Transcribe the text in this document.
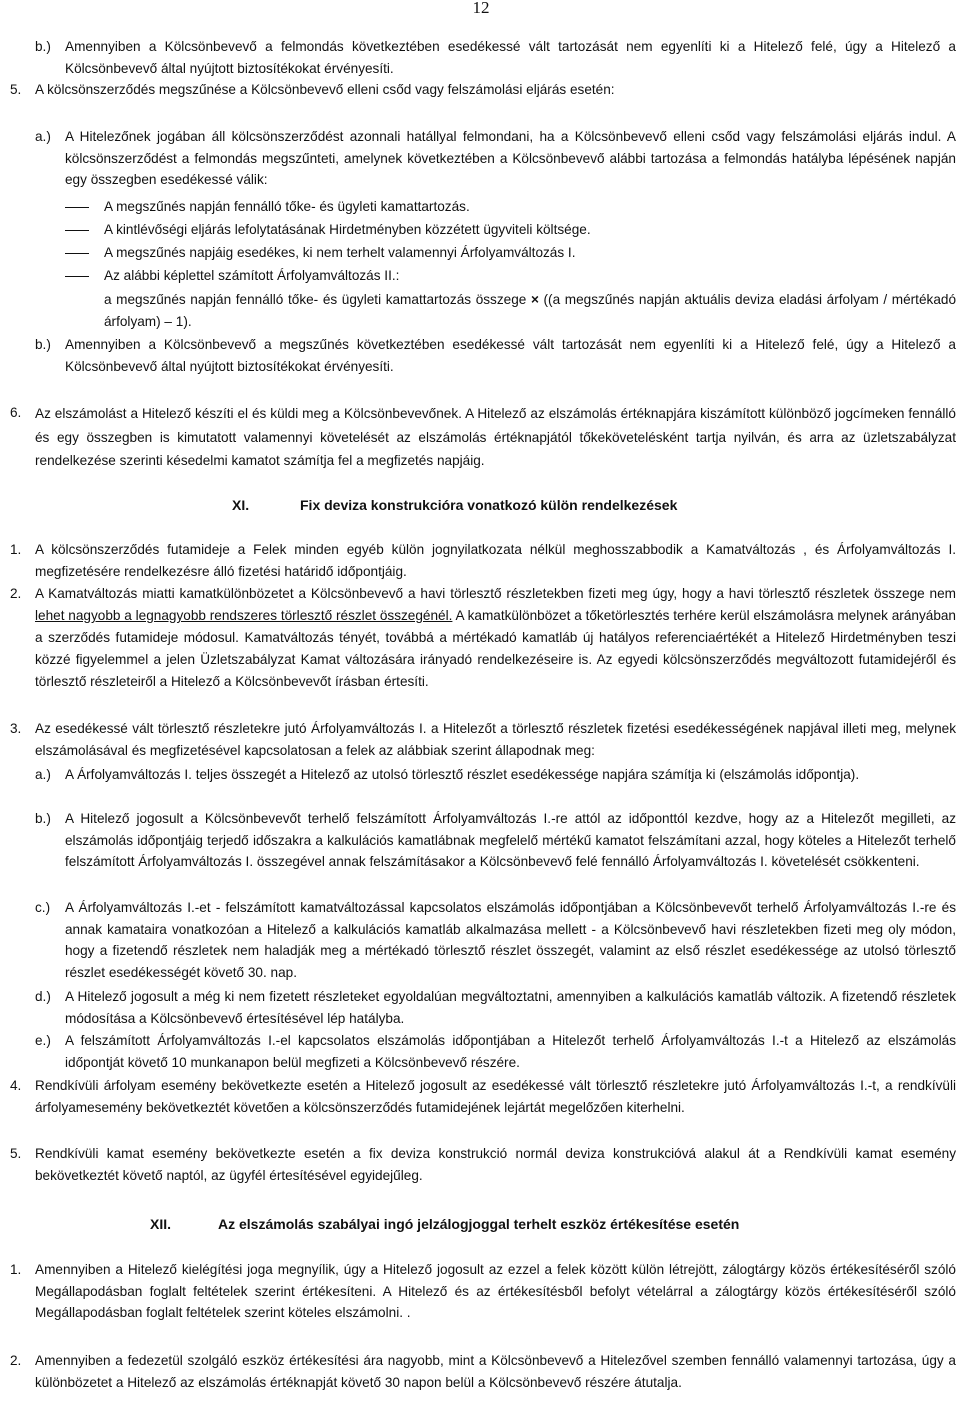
12
b.) Amennyiben a Kölcsönbevevő a felmondás következtében esedékessé vált tartozását nem egyenlíti ki a Hitelező felé, úgy a Hitelező a Kölcsönbevevő által nyújtott biztosítékokat érvényesíti.

5. A kölcsönszerződés megszűnése a Kölcsönbevevő elleni csőd vagy felszámolási eljárás esetén:

a.) A Hitelezőnek jogában áll kölcsönszerződést azonnali hatállyal felmondani, ha a Kölcsönbevevő elleni csőd vagy felszámolási eljárás indul. A kölcsönszerződést a felmondás megszűnteti, amelynek következtében a Kölcsönbevevő alábbi tartozása a felmondás hatályba lépésének napján egy összegben esedékessé válik:

A megszűnés napján fennálló tőke- és ügyleti kamattartozás.
A kintlévőségi eljárás lefolytatásának Hirdetményben közzétett ügyviteli költsége.
A megszűnés napjáig esedékes, ki nem terhelt valamennyi Árfolyamváltozás I.
Az alábbi képlettel számított Árfolyamváltozás II.:

a megszűnés napján fennálló tőke- és ügyleti kamattartozás összege × ((a megszűnés napján aktuális deviza eladási árfolyam / mértékadó árfolyam) – 1).

b.) Amennyiben a Kölcsönbevevő a megszűnés következtében esedékessé vált tartozását nem egyenlíti ki a Hitelező felé, úgy a Hitelező a Kölcsönbevevő által nyújtott biztosítékokat érvényesíti.

6. Az elszámolást a Hitelező készíti el és küldi meg a Kölcsönbevevőnek. A Hitelező az elszámolás értéknapjára kiszámított különböző jogcímeken fennálló és egy összegben is kimutatott valamennyi követelését az elszámolás értéknapjától tőkekövetelésként tartja nyilván, és arra az üzletszabályzat rendelkezése szerinti késedelmi kamatot számítja fel a megfizetés napjáig.

XI.	Fix deviza konstrukcióra vonatkozó külön rendelkezések
1. A kölcsönszerződés futamideje a Felek minden egyéb külön jognyilatkozata nélkül meghosszabbodik a Kamatváltozás , és Árfolyamváltozás I. megfizetésére rendelkezésre álló fizetési határidő időpontjáig.

2. A Kamatváltozás miatti kamatkülönbözetet a Kölcsönbevevő a havi törlesztő részletekben fizeti meg úgy, hogy a havi törlesztő részletek összege nem lehet nagyobb a legnagyobb rendszeres törlesztő részlet összegénél. A kamatkülönbözet a tőketörlesztés terhére kerül elszámolásra melynek arányában a szerződés futamideje módosul. Kamatváltozás tényét, továbbá a mértékadó kamatláb új hatályos referenciaértékét a Hitelező Hirdetményben teszi közzé figyelemmel a jelen Üzletszabályzat Kamat változására irányadó rendelkezéseire is. Az egyedi kölcsönszerződés megváltozott futamidejéről és törlesztő részleteiről a Hitelező a Kölcsönbevevőt írásban értesíti.

3. Az esedékessé vált törlesztő részletekre jutó Árfolyamváltozás I. a Hitelezőt a törlesztő részletek fizetési esedékességének napjával illeti meg, melynek elszámolásával és megfizetésével kapcsolatosan a felek az alábbiak szerint állapodnak meg:

a.) A Árfolyamváltozás I. teljes összegét a Hitelező az utolsó törlesztő részlet esedékessége napjára számítja ki (elszámolás időpontja).

b.) A Hitelező jogosult a Kölcsönbevevőt terhelő felszámított Árfolyamváltozás I.-re attól az időponttól kezdve, hogy az a Hitelezőt megilleti, az elszámolás időpontjáig terjedő időszakra a kalkulációs kamatlábnak megfelelő mértékű kamatot felszámítani azzal, hogy köteles a Hitelezőt terhelő felszámított Árfolyamváltozás I. összegével annak felszámításakor a Kölcsönbevevő felé fennálló Árfolyamváltozás I. követelését csökkenteni.

c.) A Árfolyamváltozás I.-et - felszámított kamatváltozással kapcsolatos elszámolás időpontjában a Kölcsönbevevőt terhelő Árfolyamváltozás I.-re és annak kamataira vonatkozóan a Hitelező a kalkulációs kamatláb alkalmazása mellett - a Kölcsönbevevő havi részletekben fizeti meg oly módon, hogy a fizetendő részletek nem haladják meg a mértékadó törlesztő részlet összegét, valamint az első részlet esedékessége az utolsó törlesztő részlet esedékességét követő 30. nap.

d.) A Hitelező jogosult a még ki nem fizetett részleteket egyoldalúan megváltoztatni, amennyiben a kalkulációs kamatláb változik. A fizetendő részletek módosítása a Kölcsönbevevő értesítésével lép hatályba.

e.) A felszámított Árfolyamváltozás I.-el kapcsolatos elszámolás időpontjában a Hitelezőt terhelő Árfolyamváltozás I.-t a Hitelező az elszámolás időpontját követő 10 munkanapon belül megfizeti a Kölcsönbevevő részére.

4. Rendkívüli árfolyam esemény bekövetkezte esetén a Hitelező jogosult az esedékessé vált törlesztő részletekre jutó Árfolyamváltozás I.-t, a rendkívüli árfolyamesemény bekövetkeztét követően a kölcsönszerződés futamidejének lejártát megelőzően kiterhelni.

5. Rendkívüli kamat esemény bekövetkezte esetén a fix deviza konstrukció normál deviza konstrukcióvá alakul át a Rendkívüli kamat esemény bekövetkeztét követő naptól, az ügyfél értesítésével egyidejűleg.

XII.	Az elszámolás szabályai ingó jelzálogjoggal terhelt eszköz értékesítése esetén
1. Amennyiben a Hitelező kielégítési joga megnyílik, úgy a Hitelező jogosult az ezzel a felek között külön létrejött, zálogtárgy közös értékesítéséről szóló Megállapodásban foglalt feltételek szerint értékesíteni. A Hitelező és az értékesítésből befolyt vételárral a zálogtárgy közös értékesítéséről szóló Megállapodásban foglalt feltételek szerint köteles elszámolni. .

2. Amennyiben a fedezetül szolgáló eszköz értékesítési ára nagyobb, mint a Kölcsönbevevő a Hitelezővel szemben fennálló valamennyi tartozása, úgy a különbözetet a Hitelező az elszámolás értéknapját követő 30 napon belül a Kölcsönbevevő részére átutalja.
